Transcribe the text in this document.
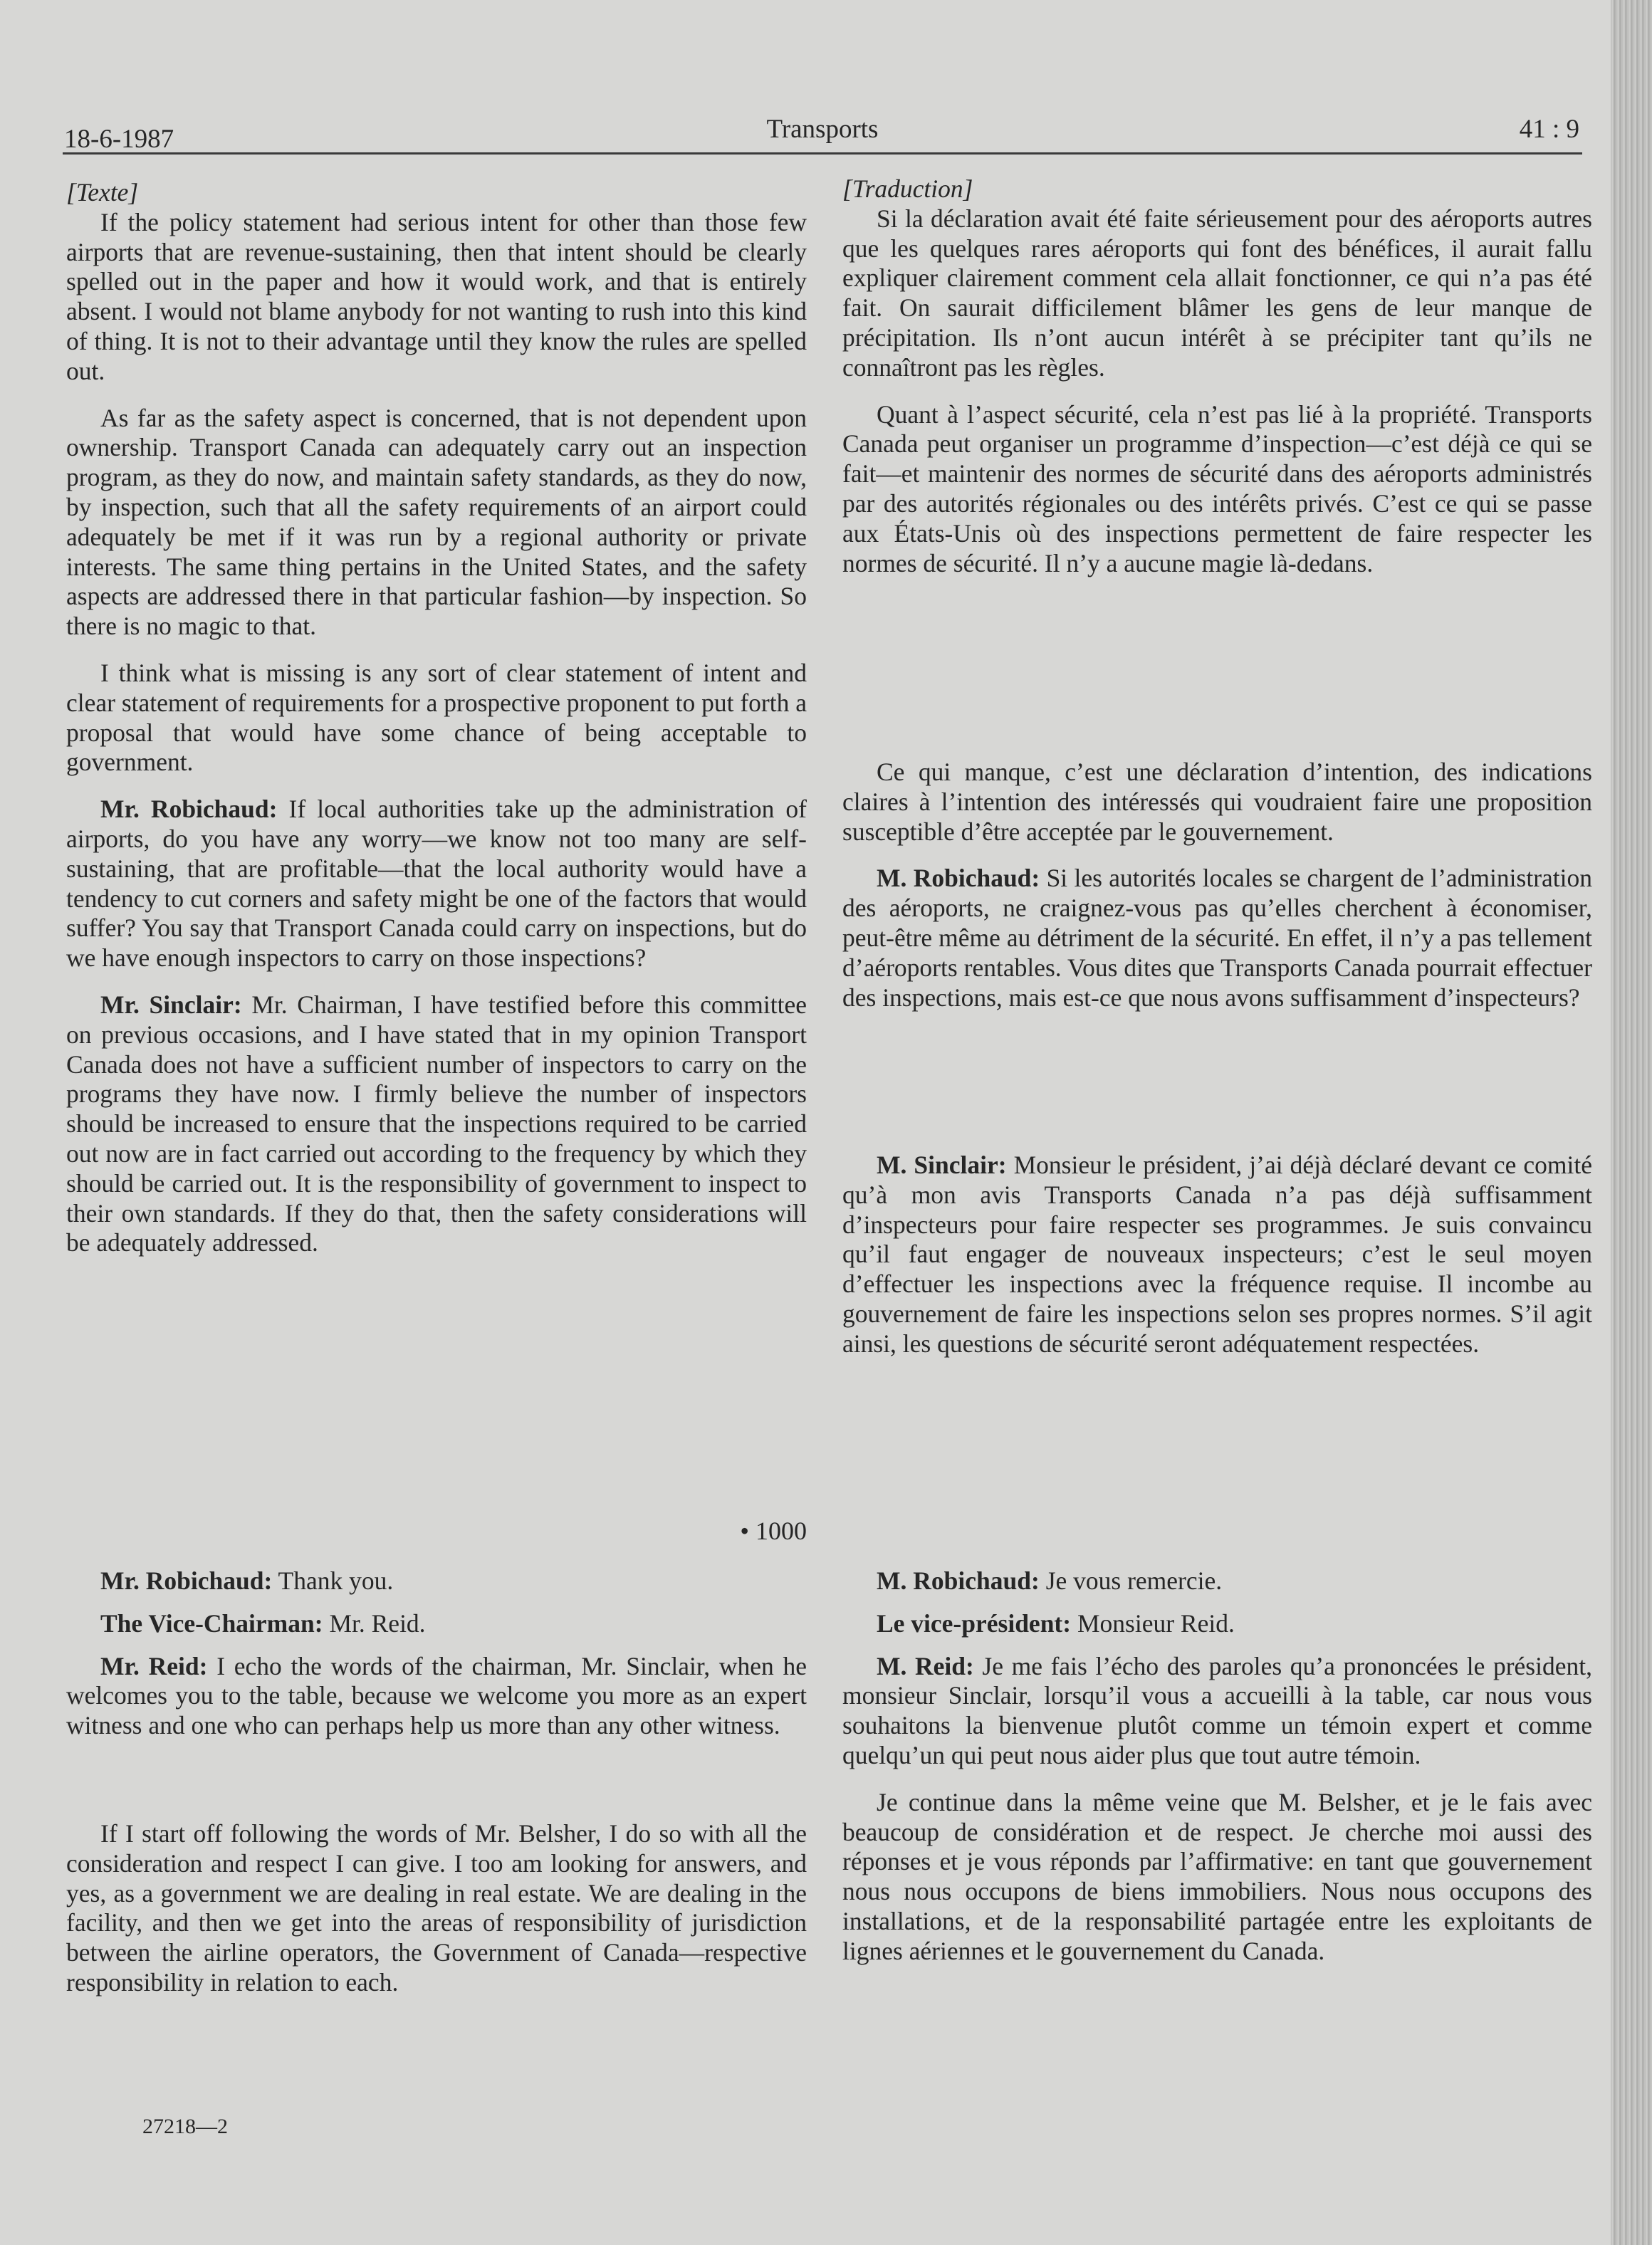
18-6-1987	Transports	41 : 9

[Texte]

If the policy statement had serious intent for other than those few airports that are revenue-sustaining, then that intent should be clearly spelled out in the paper and how it would work, and that is entirely absent. I would not blame anybody for not wanting to rush into this kind of thing. It is not to their advantage until they know the rules are spelled out.

As far as the safety aspect is concerned, that is not dependent upon ownership. Transport Canada can adequately carry out an inspection program, as they do now, and maintain safety standards, as they do now, by inspection, such that all the safety requirements of an airport could adequately be met if it was run by a regional authority or private interests. The same thing pertains in the United States, and the safety aspects are addressed there in that particular fashion—by inspection. So there is no magic to that.

I think what is missing is any sort of clear statement of intent and clear statement of requirements for a prospective proponent to put forth a proposal that would have some chance of being acceptable to government.

Mr. Robichaud: If local authorities take up the administration of airports, do you have any worry—we know not too many are self-sustaining, that are profitable—that the local authority would have a tendency to cut corners and safety might be one of the factors that would suffer? You say that Transport Canada could carry on inspections, but do we have enough inspectors to carry on those inspections?

Mr. Sinclair: Mr. Chairman, I have testified before this committee on previous occasions, and I have stated that in my opinion Transport Canada does not have a sufficient number of inspectors to carry on the programs they have now. I firmly believe the number of inspectors should be increased to ensure that the inspections required to be carried out now are in fact carried out according to the frequency by which they should be carried out. It is the responsibility of government to inspect to their own standards. If they do that, then the safety considerations will be adequately addressed.

• 1000

Mr. Robichaud: Thank you.

The Vice-Chairman: Mr. Reid.

Mr. Reid: I echo the words of the chairman, Mr. Sinclair, when he welcomes you to the table, because we welcome you more as an expert witness and one who can perhaps help us more than any other witness.

If I start off following the words of Mr. Belsher, I do so with all the consideration and respect I can give. I too am looking for answers, and yes, as a government we are dealing in real estate. We are dealing in the facility, and then we get into the areas of responsibility of jurisdiction between the airline operators, the Government of Canada—respective responsibility in relation to each.

[Traduction]

Si la déclaration avait été faite sérieusement pour des aéroports autres que les quelques rares aéroports qui font des bénéfices, il aurait fallu expliquer clairement comment cela allait fonctionner, ce qui n’a pas été fait. On saurait difficilement blâmer les gens de leur manque de précipitation. Ils n’ont aucun intérêt à se précipiter tant qu’ils ne connaîtront pas les règles.

Quant à l’aspect sécurité, cela n’est pas lié à la propriété. Transports Canada peut organiser un programme d’inspection—c’est déjà ce qui se fait—et maintenir des normes de sécurité dans des aéroports administrés par des autorités régionales ou des intérêts privés. C’est ce qui se passe aux États-Unis où des inspections permettent de faire respecter les normes de sécurité. Il n’y a aucune magie là-dedans.

Ce qui manque, c’est une déclaration d’intention, des indications claires à l’intention des intéressés qui voudraient faire une proposition susceptible d’être acceptée par le gouvernement.

M. Robichaud: Si les autorités locales se chargent de l’administration des aéroports, ne craignez-vous pas qu’elles cherchent à économiser, peut-être même au détriment de la sécurité. En effet, il n’y a pas tellement d’aéroports rentables. Vous dites que Transports Canada pourrait effectuer des inspections, mais est-ce que nous avons suffisamment d’inspecteurs?

M. Sinclair: Monsieur le président, j’ai déjà déclaré devant ce comité qu’à mon avis Transports Canada n’a pas déjà suffisamment d’inspecteurs pour faire respecter ses programmes. Je suis convaincu qu’il faut engager de nouveaux inspecteurs; c’est le seul moyen d’effectuer les inspections avec la fréquence requise. Il incombe au gouvernement de faire les inspections selon ses propres normes. S’il agit ainsi, les questions de sécurité seront adéquatement respectées.

M. Robichaud: Je vous remercie.

Le vice-président: Monsieur Reid.

M. Reid: Je me fais l’écho des paroles qu’a prononcées le président, monsieur Sinclair, lorsqu’il vous a accueilli à la table, car nous vous souhaitons la bienvenue plutôt comme un témoin expert et comme quelqu’un qui peut nous aider plus que tout autre témoin.

Je continue dans la même veine que M. Belsher, et je le fais avec beaucoup de considération et de respect. Je cherche moi aussi des réponses et je vous réponds par l’affirmative: en tant que gouvernement nous nous occupons de biens immobiliers. Nous nous occupons des installations, et de la responsabilité partagée entre les exploitants de lignes aériennes et le gouvernement du Canada.

27218—2
